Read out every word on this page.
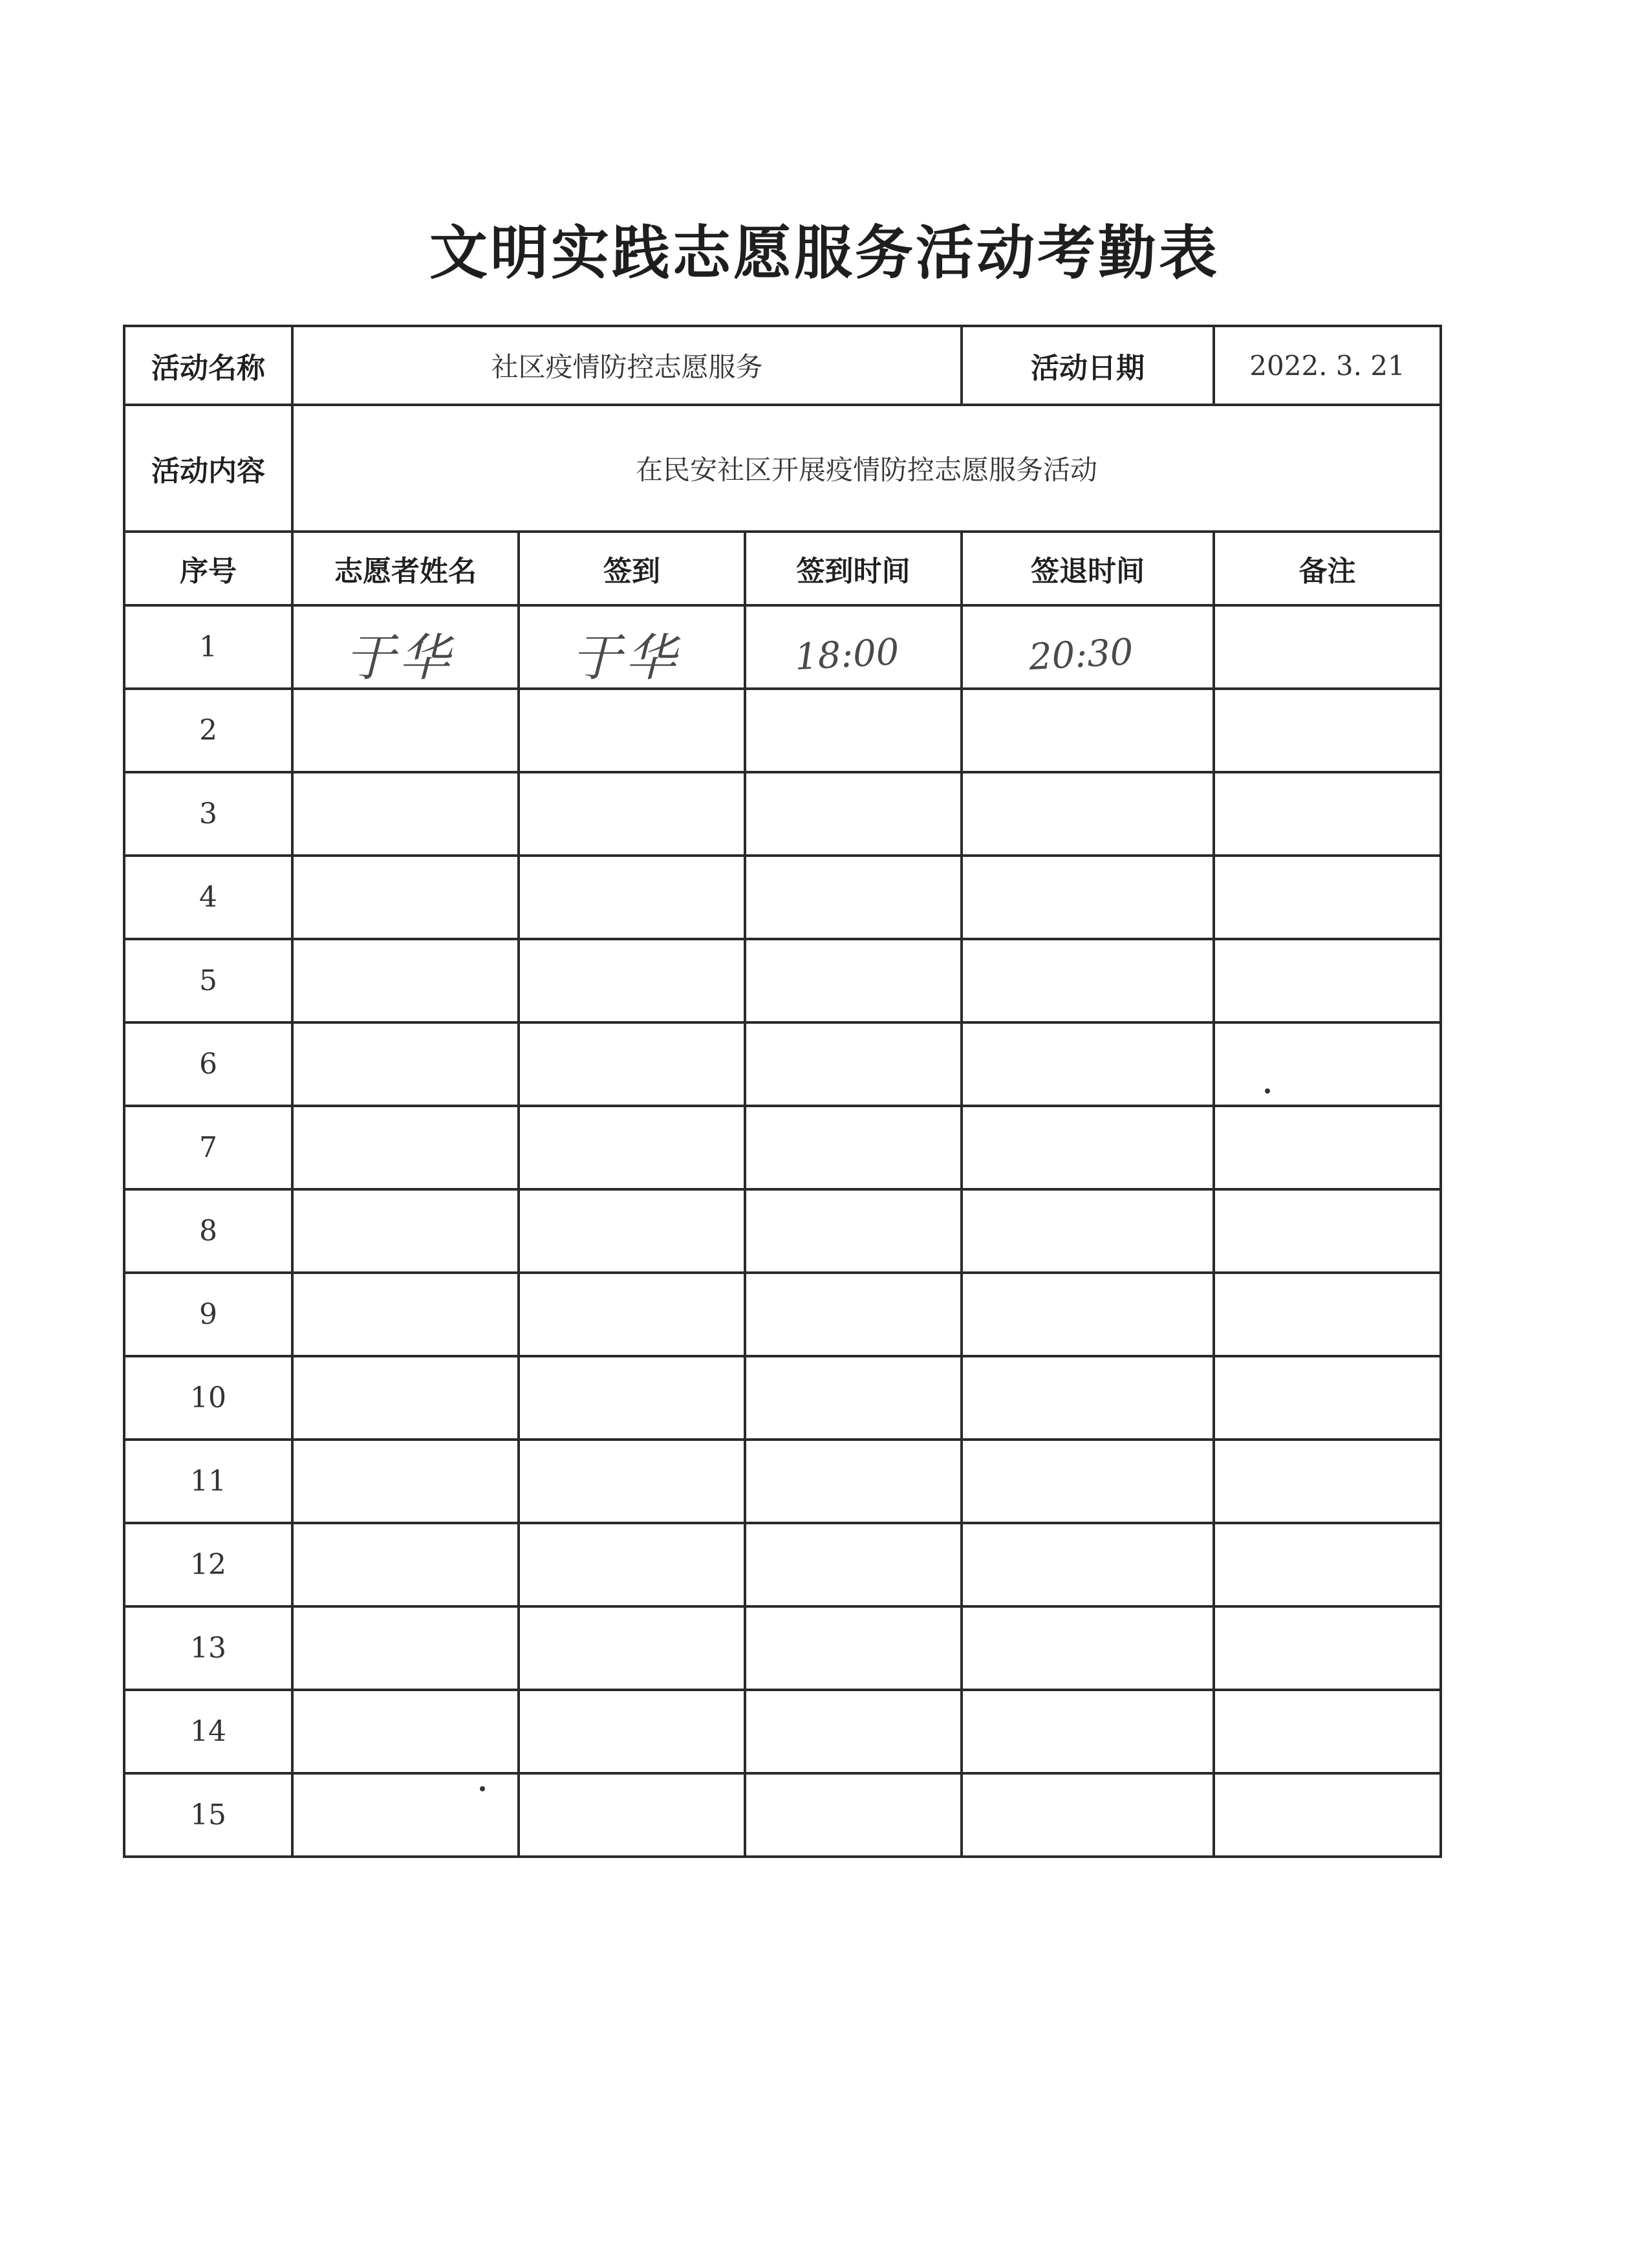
文明实践志愿服务活动考勤表
活动名称	社区疫情防控志愿服务			活动日期	2022. 3. 21
活动内容	在民安社区开展疫情防控志愿服务活动				
序号	志愿者姓名	签到	签到时间	签退时间	备注
1	于华	于华	18:00	20:30	
2					
3					
4					
5					
6					
7					
8					
9					
10					
11					
12					
13					
14					
15					
